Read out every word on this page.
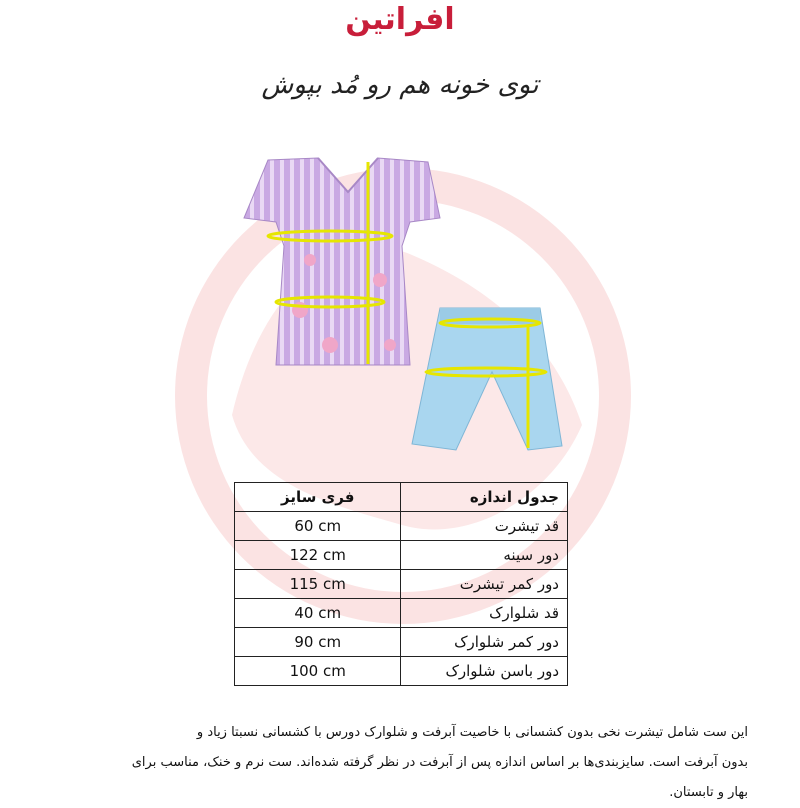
افراتین
توی خونه هم رو مُد بپوش
فری سایز	جدول اندازه
60 cm	قد تیشرت
122 cm	دور سینه
115 cm	دور کمر تیشرت
40 cm	قد شلوارک
90 cm	دور کمر شلوارک
100 cm	دور باسن شلوارک

این ست شامل تیشرت نخی بدون کشسانی با خاصیت آبرفت و شلوارک دورس با کشسانی نسبتا زیاد و

بدون آبرفت است. سایزبندی‌ها بر اساس اندازه پس از آبرفت در نظر گرفته شده‌اند. ست نرم و خنک، مناسب برای

بهار و تابستان.
